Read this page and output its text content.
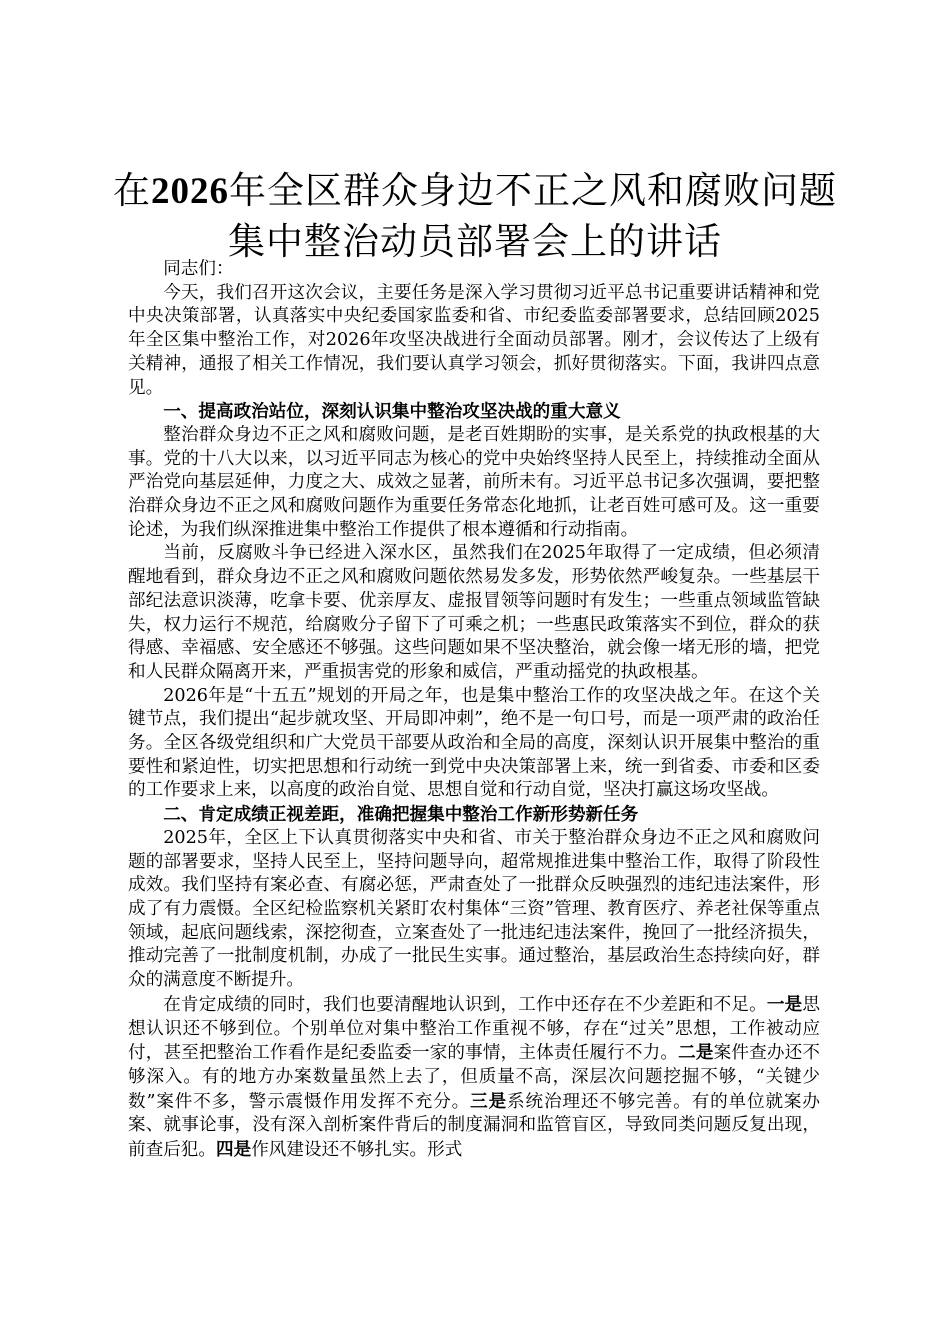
在2026年全区群众身边不正之风和腐败问题
集中整治动员部署会上的讲话

同志们：

今天，我们召开这次会议，主要任务是深入学习贯彻习近平总书记重要讲话精神和党中央决策部署，认真落实中央纪委国家监委和省、市纪委监委部署要求，总结回顾2025年全区集中整治工作，对2026年攻坚决战进行全面动员部署。刚才，会议传达了上级有关精神，通报了相关工作情况，我们要认真学习领会，抓好贯彻落实。下面，我讲四点意见。

一、提高政治站位，深刻认识集中整治攻坚决战的重大意义

整治群众身边不正之风和腐败问题，是老百姓期盼的实事，是关系党的执政根基的大事。党的十八大以来，以习近平同志为核心的党中央始终坚持人民至上，持续推动全面从严治党向基层延伸，力度之大、成效之显著，前所未有。习近平总书记多次强调，要把整治群众身边不正之风和腐败问题作为重要任务常态化地抓，让老百姓可感可及。这一重要论述，为我们纵深推进集中整治工作提供了根本遵循和行动指南。

当前，反腐败斗争已经进入深水区，虽然我们在2025年取得了一定成绩，但必须清醒地看到，群众身边不正之风和腐败问题依然易发多发，形势依然严峻复杂。一些基层干部纪法意识淡薄，吃拿卡要、优亲厚友、虚报冒领等问题时有发生；一些重点领域监管缺失，权力运行不规范，给腐败分子留下了可乘之机；一些惠民政策落实不到位，群众的获得感、幸福感、安全感还不够强。这些问题如果不坚决整治，就会像一堵无形的墙，把党和人民群众隔离开来，严重损害党的形象和威信，严重动摇党的执政根基。

2026年是“十五五”规划的开局之年，也是集中整治工作的攻坚决战之年。在这个关键节点，我们提出“起步就攻坚、开局即冲刺”，绝不是一句口号，而是一项严肃的政治任务。全区各级党组织和广大党员干部要从政治和全局的高度，深刻认识开展集中整治的重要性和紧迫性，切实把思想和行动统一到党中央决策部署上来，统一到省委、市委和区委的工作要求上来，以高度的政治自觉、思想自觉和行动自觉，坚决打赢这场攻坚战。

二、肯定成绩正视差距，准确把握集中整治工作新形势新任务

2025年，全区上下认真贯彻落实中央和省、市关于整治群众身边不正之风和腐败问题的部署要求，坚持人民至上，坚持问题导向，超常规推进集中整治工作，取得了阶段性成效。我们坚持有案必查、有腐必惩，严肃查处了一批群众反映强烈的违纪违法案件，形成了有力震慑。全区纪检监察机关紧盯农村集体“三资”管理、教育医疗、养老社保等重点领域，起底问题线索，深挖彻查，立案查处了一批违纪违法案件，挽回了一批经济损失，推动完善了一批制度机制，办成了一批民生实事。通过整治，基层政治生态持续向好，群众的满意度不断提升。

在肯定成绩的同时，我们也要清醒地认识到，工作中还存在不少差距和不足。一是思想认识还不够到位。个别单位对集中整治工作重视不够，存在“过关”思想，工作被动应付，甚至把整治工作看作是纪委监委一家的事情，主体责任履行不力。二是案件查办还不够深入。有的地方办案数量虽然上去了，但质量不高，深层次问题挖掘不够，“关键少数”案件不多，警示震慑作用发挥不充分。三是系统治理还不够完善。有的单位就案办案、就事论事，没有深入剖析案件背后的制度漏洞和监管盲区，导致同类问题反复出现，前查后犯。四是作风建设还不够扎实。形式
